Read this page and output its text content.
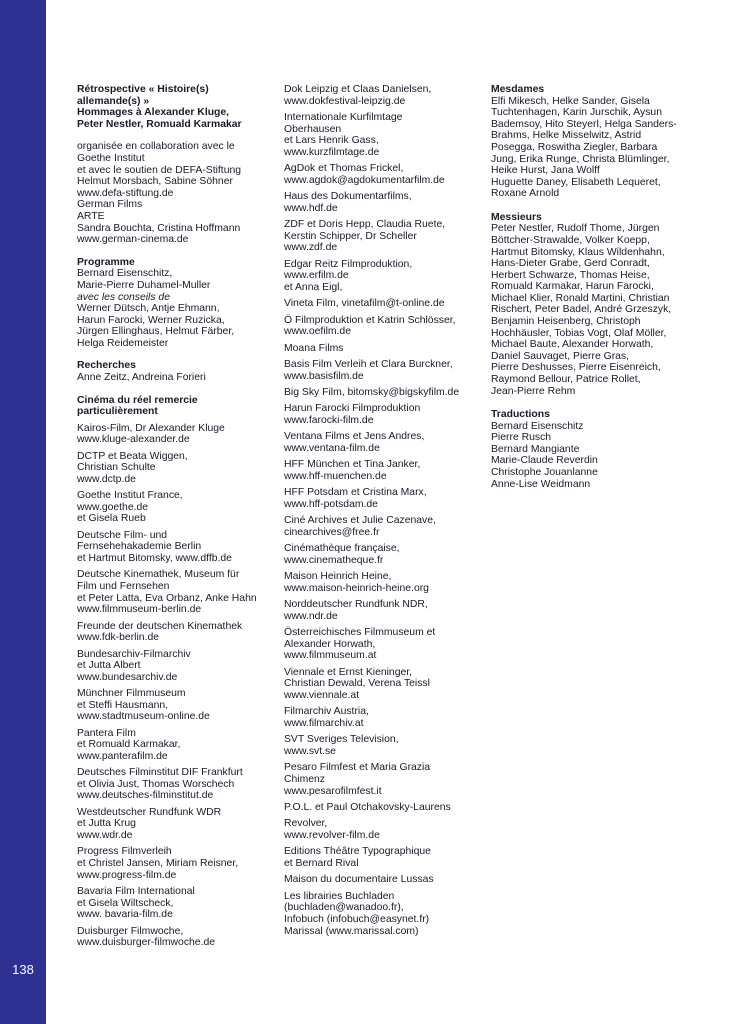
138
Rétrospective « Histoire(s)
allemande(s) »
Hommages à Alexander Kluge,
Peter Nestler, Romuald Karmakar
organisée en collaboration avec le
Goethe Institut
et avec le soutien de DEFA-Stiftung
Helmut Morsbach, Sabine Söhner
www.defa-stiftung.de
German Films
ARTE
Sandra Bouchta, Cristina Hoffmann
www.german-cinema.de
Programme
Bernard Eisenschitz,
Marie-Pierre Duhamel-Muller
avec les conseils de
Werner Dütsch, Antje Ehmann,
Harun Farocki, Werner Ruzicka,
Jürgen Ellinghaus, Helmut Färber,
Helga Reidemeister
Recherches
Anne Zeitz, Andreina Forieri
Cinéma du réel remercie
particulièrement
Kairos-Film, Dr Alexander Kluge
www.kluge-alexander.de
DCTP et Beata Wiggen,
Christian Schulte
www.dctp.de
Goethe Institut France,
www.goethe.de
et Gisela Rueb
Deutsche Film- und
Fernsehehakademie Berlin
et Hartmut Bitomsky, www.dffb.de
Deutsche Kinemathek, Museum für
Film und Fernsehen
et Peter Latta, Eva Orbanz, Anke Hahn
www.filmmuseum-berlin.de
Freunde der deutschen Kinemathek
www.fdk-berlin.de
Bundesarchiv-Filmarchiv
et Jutta Albert
www.bundesarchiv.de
Münchner Filmmuseum
et Steffi Hausmann,
www.stadtmuseum-online.de
Pantera Film
et Romuald Karmakar,
www.panterafilm.de
Deutsches Filminstitut DIF Frankfurt
et Olivia Just, Thomas Worschech
www.deutsches-filminstitut.de
Westdeutscher Rundfunk WDR
et Jutta Krug
www.wdr.de
Progress Filmverleih
et Christel Jansen, Miriam Reisner,
www.progress-film.de
Bavaria Film International
et Gisela Wiltscheck,
www. bavaria-film.de
Duisburger Filmwoche,
www.duisburger-filmwoche.de
Dok Leipzig et Claas Danielsen,
www.dokfestival-leipzig.de
Internationale Kurfilmtage
Oberhausen
et Lars Henrik Gass,
www.kurzfilmtage.de
AgDok et Thomas Frickel,
www.agdok@agdokumentarfilm.de
Haus des Dokumentarfilms,
www.hdf.de
ZDF et Doris Hepp, Claudia Ruete,
Kerstin Schipper, Dr Scheller
www.zdf.de
Edgar Reitz Filmproduktion,
www.erfilm.de
et Anna Eigl,
Vineta Film, vinetafilm@t-online.de
Ö Filmproduktion et Katrin Schlösser,
www.oefilm.de
Moana Films
Basis Film Verleih et Clara Burckner,
www.basisfilm.de
Big Sky Film, bitomsky@bigskyfilm.de
Harun Farocki Filmproduktion
www.farocki-film.de
Ventana Films et Jens Andres,
www.ventana-film.de
HFF München et Tina Janker,
www.hff-muenchen.de
HFF Potsdam et Cristina Marx,
www.hff-potsdam.de
Ciné Archives et Julie Cazenave,
cinearchives@free.fr
Cinémathèque française,
www.cinematheque.fr
Maison Heinrich Heine,
www.maison-heinrich-heine.org
Norddeutscher Rundfunk NDR,
www.ndr.de
Österreichisches Filmmuseum et
Alexander Horwath,
www.filmmuseum.at
Viennale et Ernst Kieninger,
Christian Dewald, Verena Teissl
www.viennale.at
Filmarchiv Austria,
www.filmarchiv.at
SVT Sveriges Television,
www.svt.se
Pesaro Filmfest et Maria Grazia
Chimenz
www.pesarofilmfest.it
P.O.L. et Paul Otchakovsky-Laurens
Revolver,
www.revolver-film.de
Editions Théâtre Typographique
et Bernard Rival
Maison du documentaire Lussas
Les librairies Buchladen
(buchladen@wanadoo.fr),
Infobuch (infobuch@easynet.fr)
Marissal (www.marissal.com)
Mesdames
Elfi Mikesch, Helke Sander, Gisela
Tuchtenhagen, Karin Jurschik, Aysun
Bademsoy, Hito Steyerl, Helga Sanders-
Brahms, Helke Misselwitz, Astrid
Posegga, Roswitha Ziegler, Barbara
Jung, Erika Runge, Christa Blümlinger,
Heike Hurst, Jana Wolff
Huguette Daney, Elisabeth Lequeret,
Roxane Arnold
Messieurs
Peter Nestler, Rudolf Thome, Jürgen
Böttcher-Strawalde, Volker Koepp,
Hartmut Bitomsky, Klaus Wildenhahn,
Hans-Dieter Grabe, Gerd Conradt,
Herbert Schwarze, Thomas Heise,
Romuald Karmakar, Harun Farocki,
Michael Klier, Ronald Martini, Christian
Rischert, Peter Badel, André Grzeszyk,
Benjamin Heisenberg, Christoph
Hochhäusler, Tobias Vogt, Olaf Möller,
Michael Baute, Alexander Horwath,
Daniel Sauvaget, Pierre Gras,
Pierre Deshusses, Pierre Eisenreich,
Raymond Bellour, Patrice Rollet,
Jean-Pierre Rehm
Traductions
Bernard Eisenschitz
Pierre Rusch
Bernard Mangiante
Marie-Claude Reverdin
Christophe Jouanlanne
Anne-Lise Weidmann
